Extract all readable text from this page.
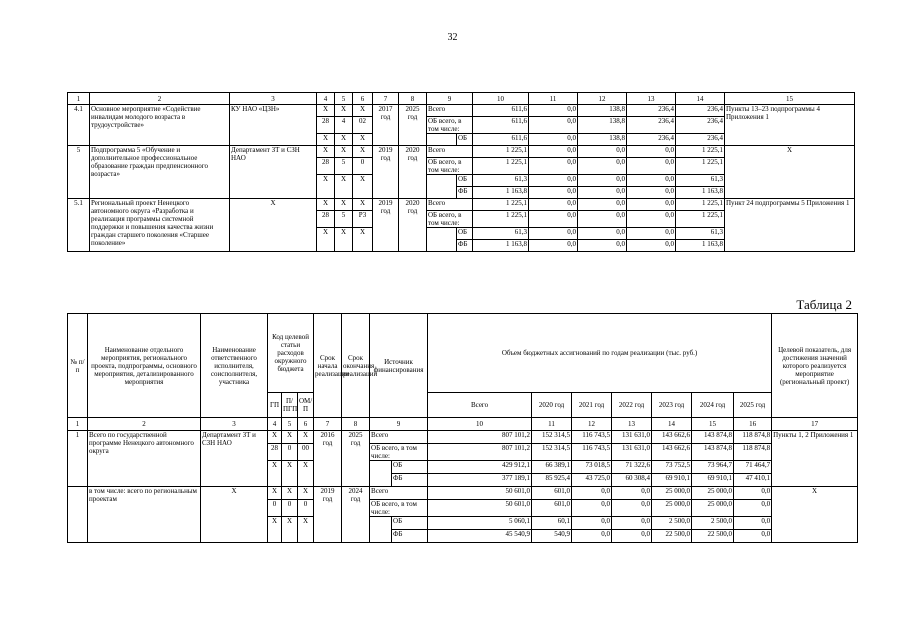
32
1	2	3	4	5	6	7	8	9		10	11	12	13	14	15
4.1	Основное мероприятие «Содействие инвалидам молодого возраста в трудоустройстве»	КУ НАО «ЦЗН»	X	X	X	2017 год	2025 год	Всего		611,6	0,0	138,8	236,4	236,4	Пункты 13–23 подпрограммы 4 Приложения 1
			28	4	02			ОБ всего, в том числе:		611,6	0,0	138,8	236,4	236,4	
			X	X	X				ОБ	611,6	0,0	138,8	236,4	236,4	
5	Подпрограмма 5 «Обучение и дополнительное профессиональное образование граждан предпенсионного возраста»	Департамент ЗТ и СЗН НАО	X	X	X	2019 год	2020 год	Всего		1 225,1	0,0	0,0	0,0	1 225,1	X
			28	5	0			ОБ всего, в том числе:		1 225,1	0,0	0,0	0,0	1 225,1	
			X	X	X				ОБ	61,3	0,0	0,0	0,0	61,3	
									ФБ	1 163,8	0,0	0,0	0,0	1 163,8	
5.1	Региональный проект Ненецкого автономного округа «Разработка и реализация программы системной поддержки и повышения качества жизни граждан старшего поколения «Старшее поколение»	X	X	X	X	2019 год	2020 год	Всего		1 225,1	0,0	0,0	0,0	1 225,1	Пункт 24 подпрограммы 5 Приложения 1
			28	5	P3			ОБ всего, в том числе:		1 225,1	0,0	0,0	0,0	1 225,1	
			X	X	X				ОБ	61,3	0,0	0,0	0,0	61,3	
									ФБ	1 163,8	0,0	0,0	0,0	1 163,8	
Таблица 2
№ п/п	Наименование отдельного мероприятия, регионального проекта, подпрограммы, основного мероприятия, детализированного мероприятия	Наименование ответственного исполнителя, соисполнителя, участника	Код целевой статьи расходов окружного бюджета			Срок начала реализации	Срок окончания реализации	Источник финансирования		Объем бюджетных ассигнований по годам реализации (тыс. руб.)							Целевой показатель, для достижения значений которого реализуется мероприятие (региональный проект)
			ГП	П/ ПГП	ОМ/ П					Всего	2020 год	2021 год	2022 год	2023 год	2024 год	2025 год	
1	2	3	4	5	6	7	8	9		10	11	12	13	14	15	16	17
1	Всего по государственной программе Ненецкого автономного округа	Департамент ЗТ и СЗН НАО	X	X	X	2016 год	2025 год	Всего		807 101,2	152 314,5	116 743,5	131 631,0	143 662,6	143 874,8	118 874,8	Пункты 1, 2 Приложения 1
			28	0	00			ОБ всего, в том числе:		807 101,2	152 314,5	116 743,5	131 631,0	143 662,6	143 874,8	118 874,8	
			X	X	X				ОБ	429 912,1	66 389,1	73 018,5	71 322,6	73 752,5	73 964,7	71 464,7	
									ФБ	377 189,1	85 925,4	43 725,0	60 308,4	69 910,1	69 910,1	47 410,1	
	в том числе: всего по региональным проектам	X	X	X	X	2019 год	2024 год	Всего		50 601,0	601,0	0,0	0,0	25 000,0	25 000,0	0,0	X
			0	0	0			ОБ всего, в том числе:		50 601,0	601,0	0,0	0,0	25 000,0	25 000,0	0,0	
			X	X	X				ОБ	5 060,1	60,1	0,0	0,0	2 500,0	2 500,0	0,0	
									ФБ	45 540,9	540,9	0,0	0,0	22 500,0	22 500,0	0,0	
